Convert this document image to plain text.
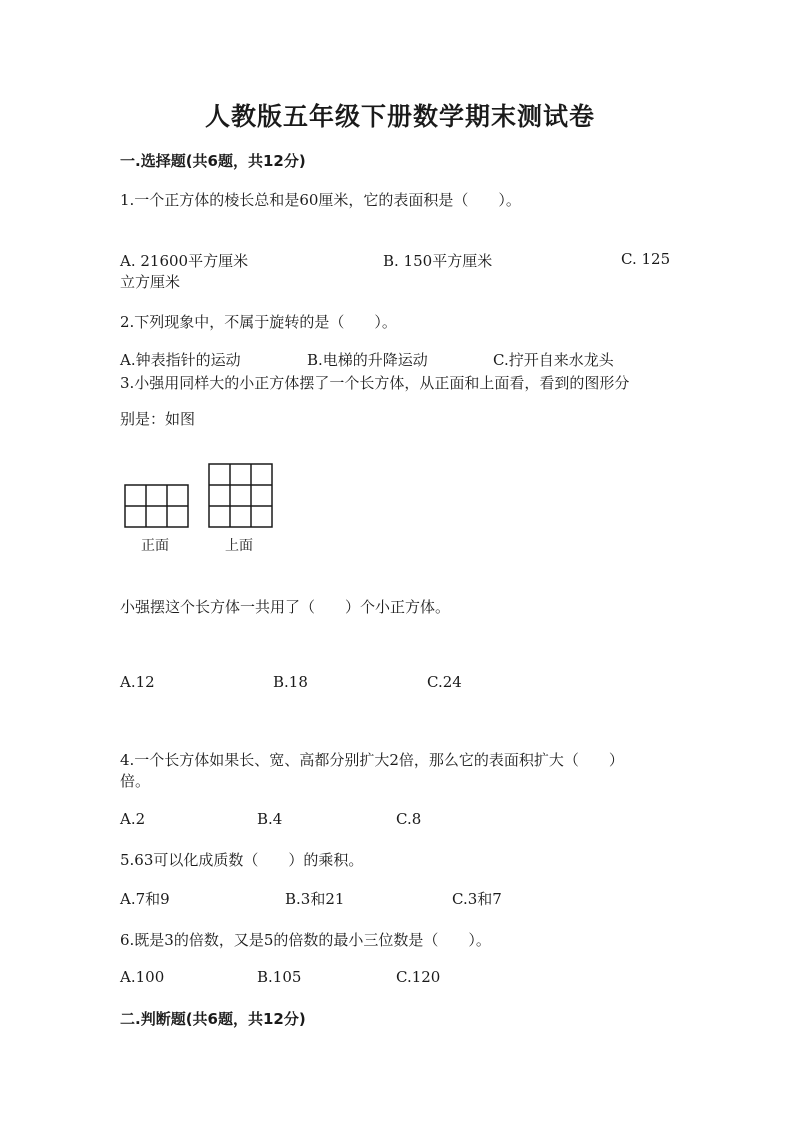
人教版五年级下册数学期末测试卷
一.选择题(共6题，共12分)
1.一个正方体的棱长总和是60厘米，它的表面积是（　　）。
A. 21600平方厘米	B. 150平方厘米	C. 125
立方厘米
2.下列现象中，不属于旋转的是（　　）。
A.钟表指针的运动	B.电梯的升降运动	C.拧开自来水龙头
3.小强用同样大的小正方体摆了一个长方体，从正面和上面看，看到的图形分
别是：如图
正面	上面
小强摆这个长方体一共用了（　　）个小正方体。
A.12	B.18	C.24
4.一个长方体如果长、宽、高都分别扩大2倍，那么它的表面积扩大（　　）
倍。
A.2	B.4	C.8
5.63可以化成质数（　　）的乘积。
A.7和9	B.3和21	C.3和7
6.既是3的倍数，又是5的倍数的最小三位数是（　　）。
A.100	B.105	C.120
二.判断题(共6题，共12分)
